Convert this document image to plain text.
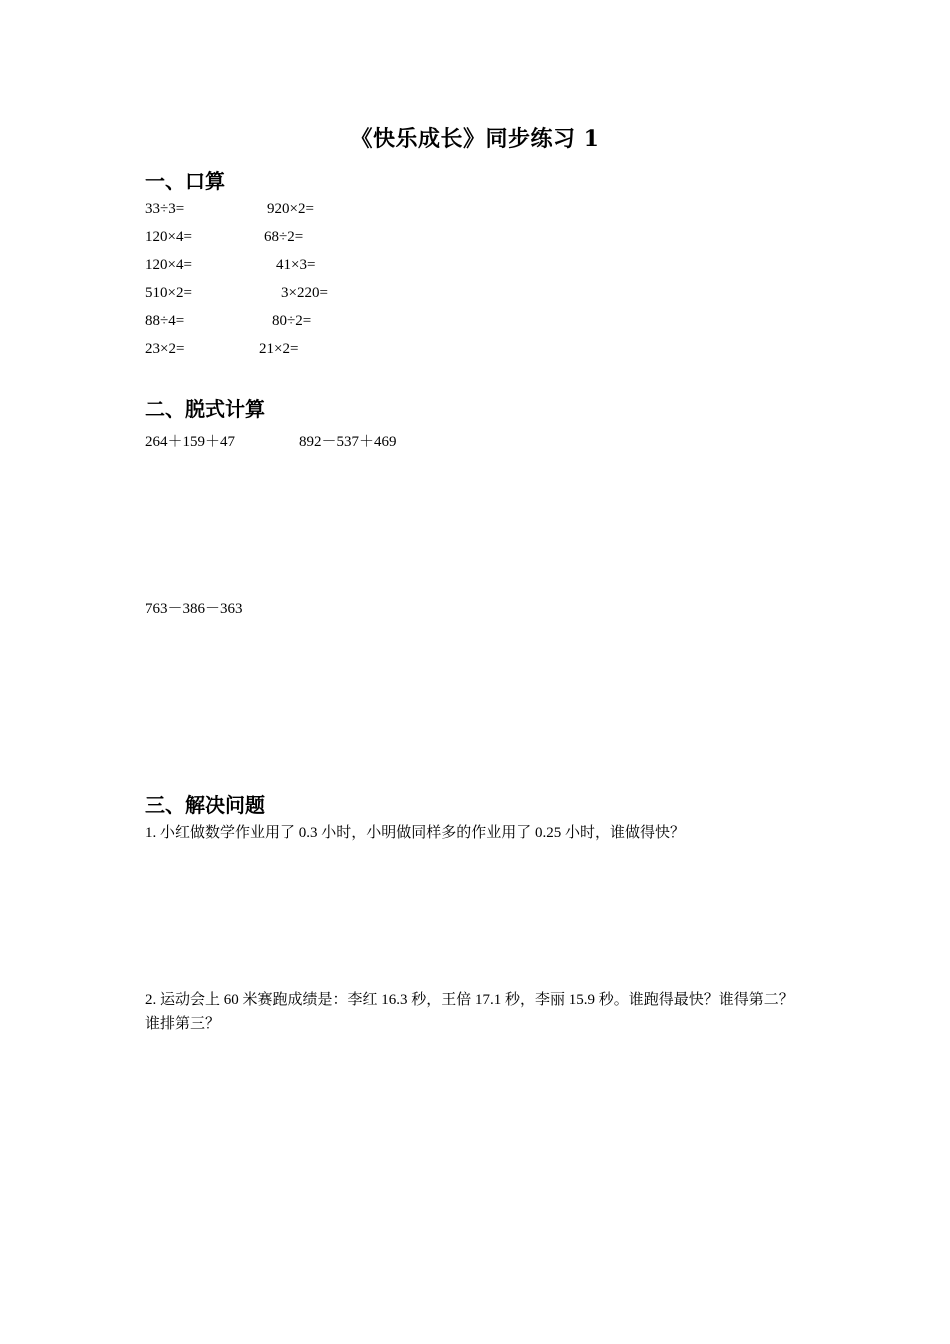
《快乐成长》同步练习 1
一、口算
33÷3=	920×2=
120×4=	68÷2=
120×4=	41×3=
510×2=	3×220=
88÷4=	80÷2=
23×2=	21×2=
二、脱式计算
264＋159＋47	892－537＋469
763－386－363
三、解决问题
1. 小红做数学作业用了 0.3 小时，小明做同样多的作业用了 0.25 小时，谁做得快？
2. 运动会上 60 米赛跑成绩是：李红 16.3 秒，王倍 17.1 秒，李丽 15.9 秒。谁跑得最快？谁得第二？谁排第三？
